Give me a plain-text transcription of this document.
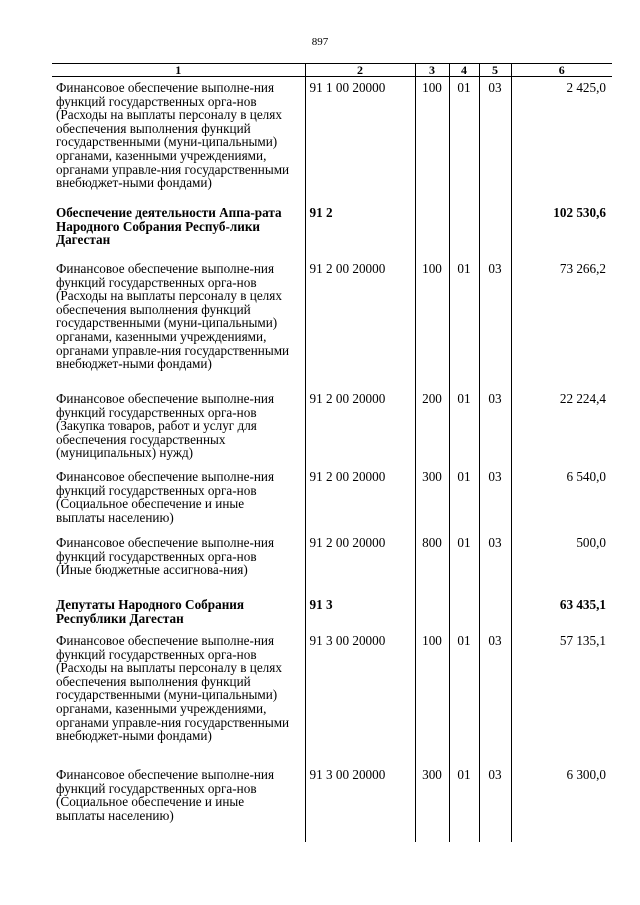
897
1	2	3	4	5	6
Финансовое обеспечение выполне-ния функций государственных орга-нов (Расходы на выплаты персоналу в целях обеспечения выполнения функций государственными (муни-ципальными) органами, казенными учреждениями, органами управле-ния государственными внебюджет-ными фондами)	91 1 00 20000	100	01	03	2 425,0
Обеспечение деятельности Аппа-рата Народного Собрания Респуб-лики Дагестан	91 2				102 530,6
Финансовое обеспечение выполне-ния функций государственных орга-нов (Расходы на выплаты персоналу в целях обеспечения выполнения функций государственными (муни-ципальными) органами, казенными учреждениями, органами управле-ния государственными внебюджет-ными фондами)	91 2 00 20000	100	01	03	73 266,2
Финансовое обеспечение выполне-ния функций государственных орга-нов (Закупка товаров, работ и услуг для обеспечения государственных (муниципальных) нужд)	91 2 00 20000	200	01	03	22 224,4
Финансовое обеспечение выполне-ния функций государственных орга-нов (Социальное обеспечение и иные выплаты населению)	91 2 00 20000	300	01	03	6 540,0
Финансовое обеспечение выполне-ния функций государственных орга-нов (Иные бюджетные ассигнова-ния)	91 2 00 20000	800	01	03	500,0
Депутаты Народного Собрания Республики Дагестан	91 3				63 435,1
Финансовое обеспечение выполне-ния функций государственных орга-нов (Расходы на выплаты персоналу в целях обеспечения выполнения функций государственными (муни-ципальными) органами, казенными учреждениями, органами управле-ния государственными внебюджет-ными фондами)	91 3 00 20000	100	01	03	57 135,1
Финансовое обеспечение выполне-ния функций государственных орга-нов (Социальное обеспечение и иные выплаты населению)	91 3 00 20000	300	01	03	6 300,0
